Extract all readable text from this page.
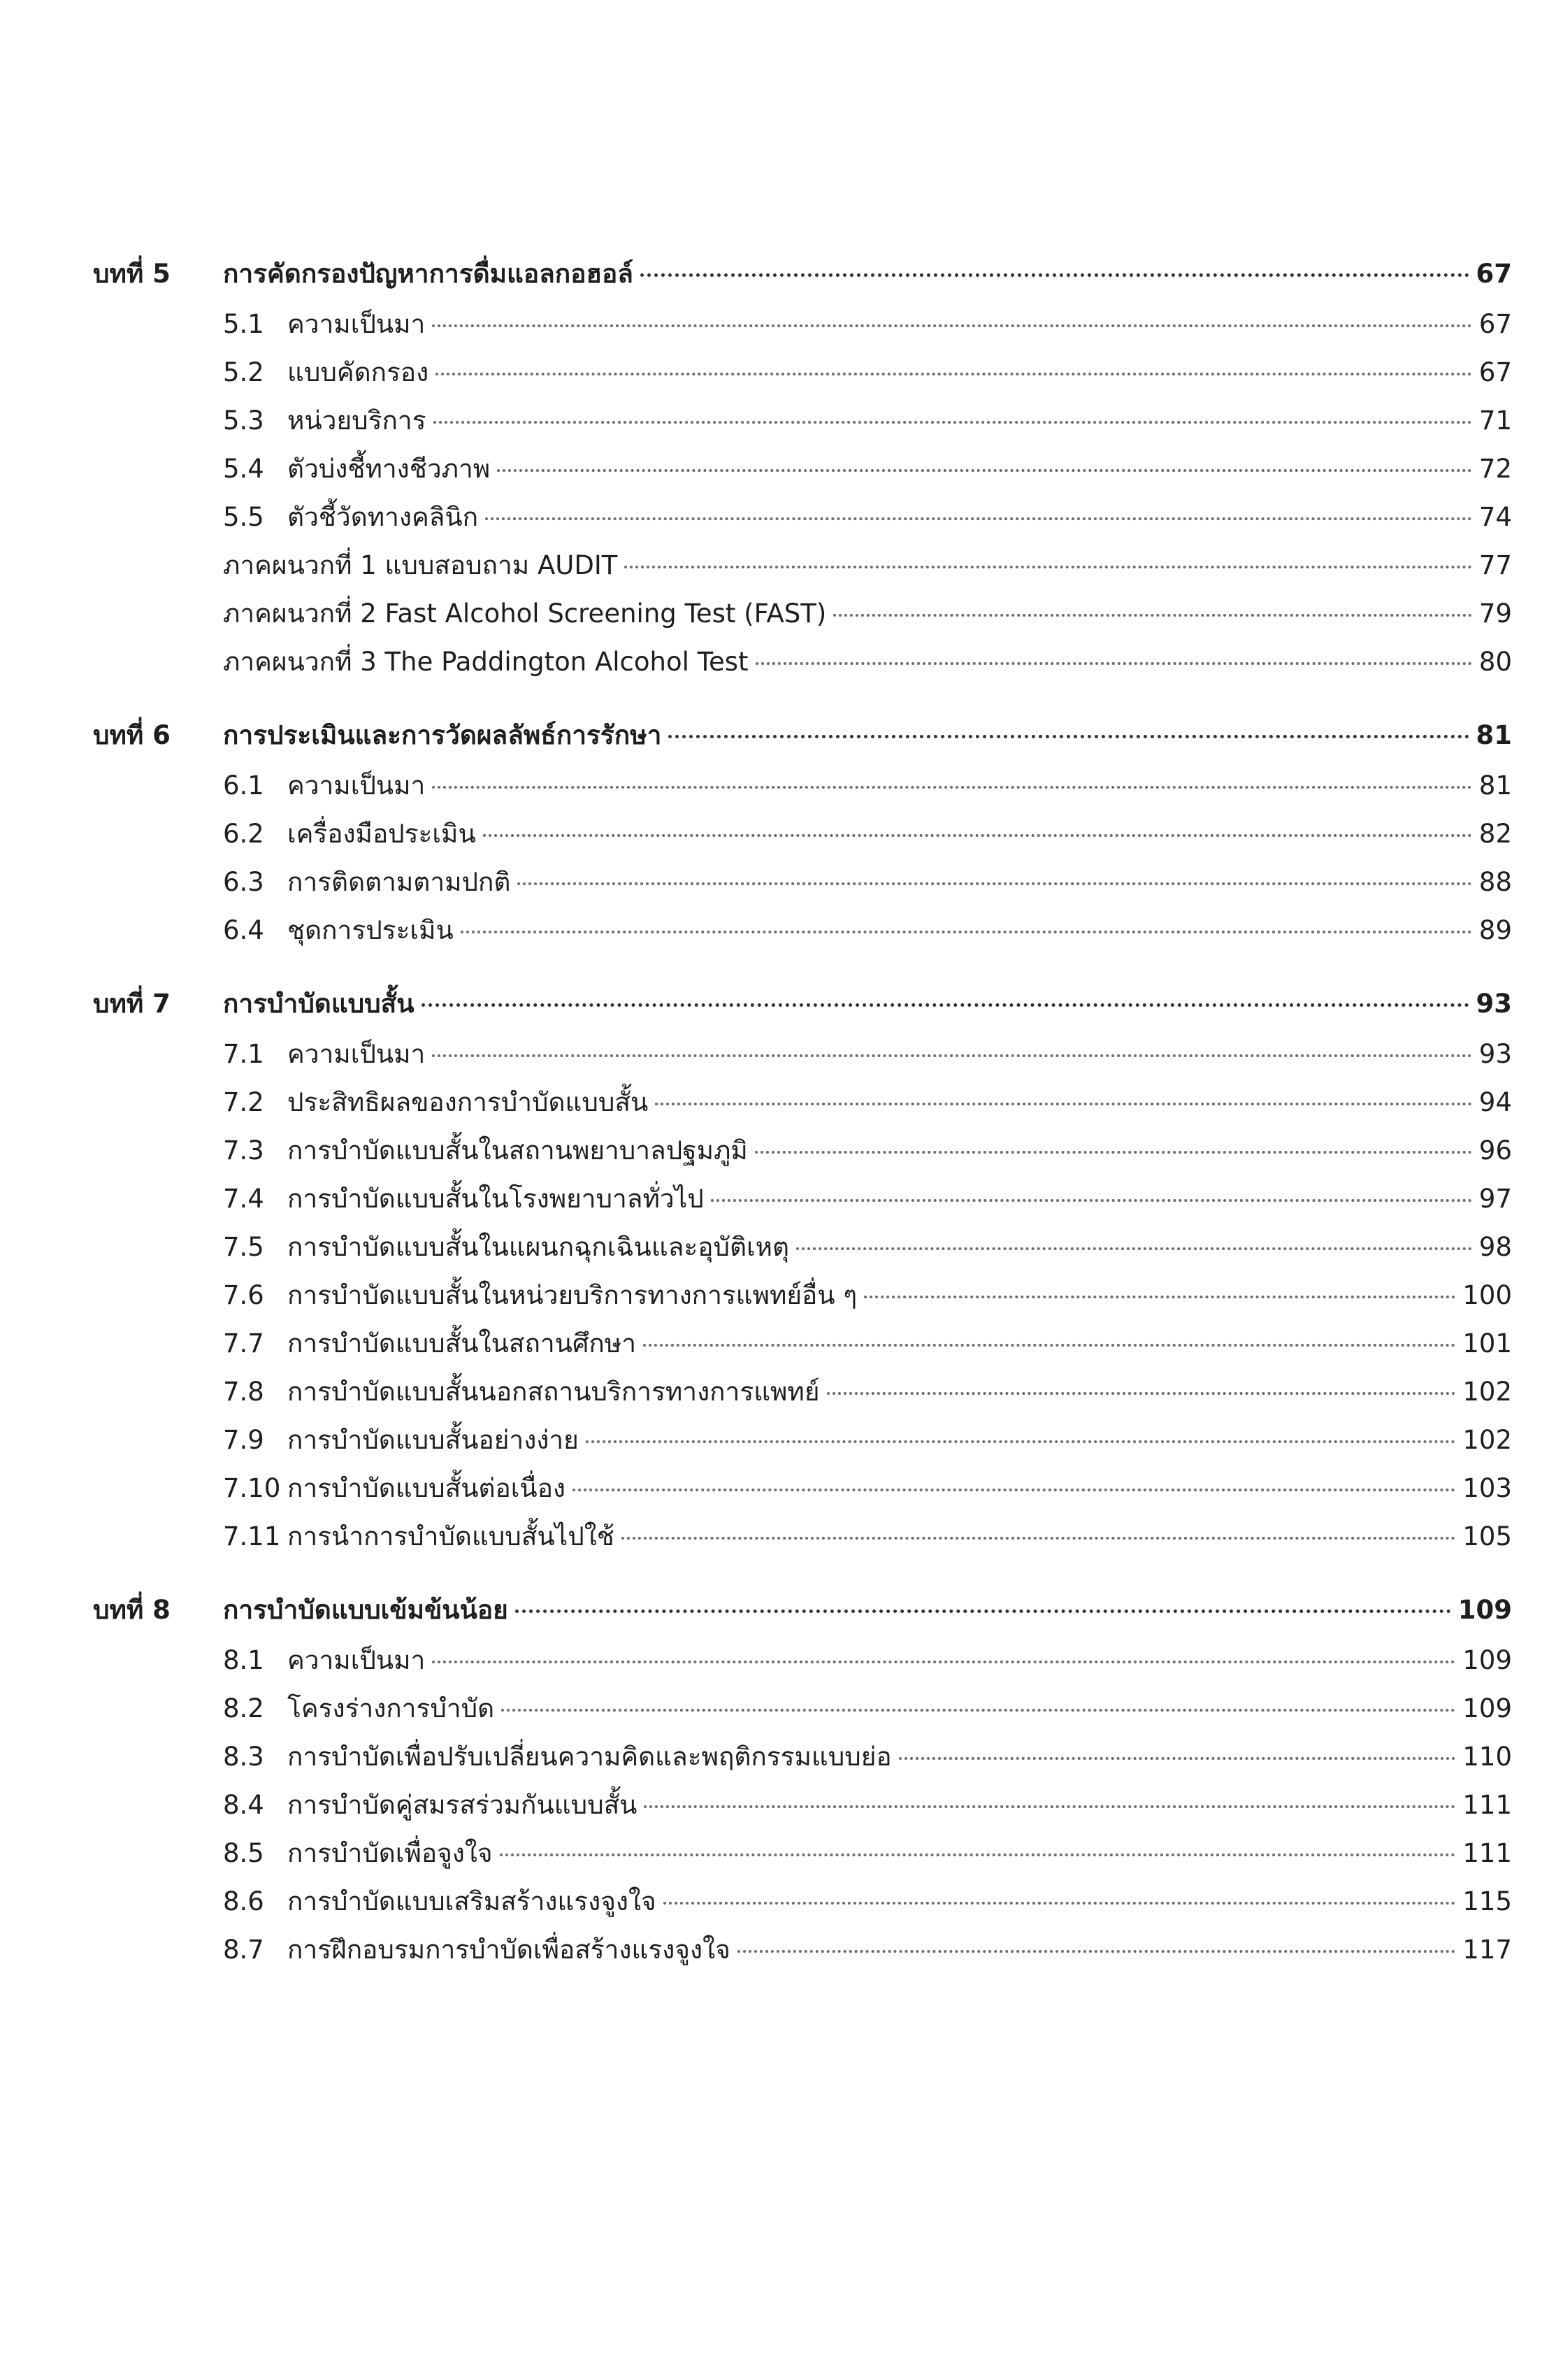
บทที่ 5	การคัดกรองปัญหาการดื่มแอลกอฮอล์	67
5.1 ความเป็นมา	67
5.2 แบบคัดกรอง	67
5.3 หน่วยบริการ	71
5.4 ตัวบ่งชี้ทางชีวภาพ	72
5.5 ตัวชี้วัดทางคลินิก	74
ภาคผนวกที่ 1 แบบสอบถาม AUDIT	77
ภาคผนวกที่ 2 Fast Alcohol Screening Test (FAST)	79
ภาคผนวกที่ 3 The Paddington Alcohol Test	80
บทที่ 6	การประเมินและการวัดผลลัพธ์การรักษา	81
6.1 ความเป็นมา	81
6.2 เครื่องมือประเมิน	82
6.3 การติดตามตามปกติ	88
6.4 ชุดการประเมิน	89
บทที่ 7	การบำบัดแบบสั้น	93
7.1 ความเป็นมา	93
7.2 ประสิทธิผลของการบำบัดแบบสั้น	94
7.3 การบำบัดแบบสั้นในสถานพยาบาลปฐมภูมิ	96
7.4 การบำบัดแบบสั้นในโรงพยาบาลทั่วไป	97
7.5 การบำบัดแบบสั้นในแผนกฉุกเฉินและอุบัติเหตุ	98
7.6 การบำบัดแบบสั้นในหน่วยบริการทางการแพทย์อื่น ๆ	100
7.7 การบำบัดแบบสั้นในสถานศึกษา	101
7.8 การบำบัดแบบสั้นนอกสถานบริการทางการแพทย์	102
7.9 การบำบัดแบบสั้นอย่างง่าย	102
7.10 การบำบัดแบบสั้นต่อเนื่อง	103
7.11 การนำการบำบัดแบบสั้นไปใช้	105
บทที่ 8	การบำบัดแบบเข้มข้นน้อย	109
8.1 ความเป็นมา	109
8.2 โครงร่างการบำบัด	109
8.3 การบำบัดเพื่อปรับเปลี่ยนความคิดและพฤติกรรมแบบย่อ	110
8.4 การบำบัดคู่สมรสร่วมกันแบบสั้น	111
8.5 การบำบัดเพื่อจูงใจ	111
8.6 การบำบัดแบบเสริมสร้างแรงจูงใจ	115
8.7 การฝึกอบรมการบำบัดเพื่อสร้างแรงจูงใจ	117
